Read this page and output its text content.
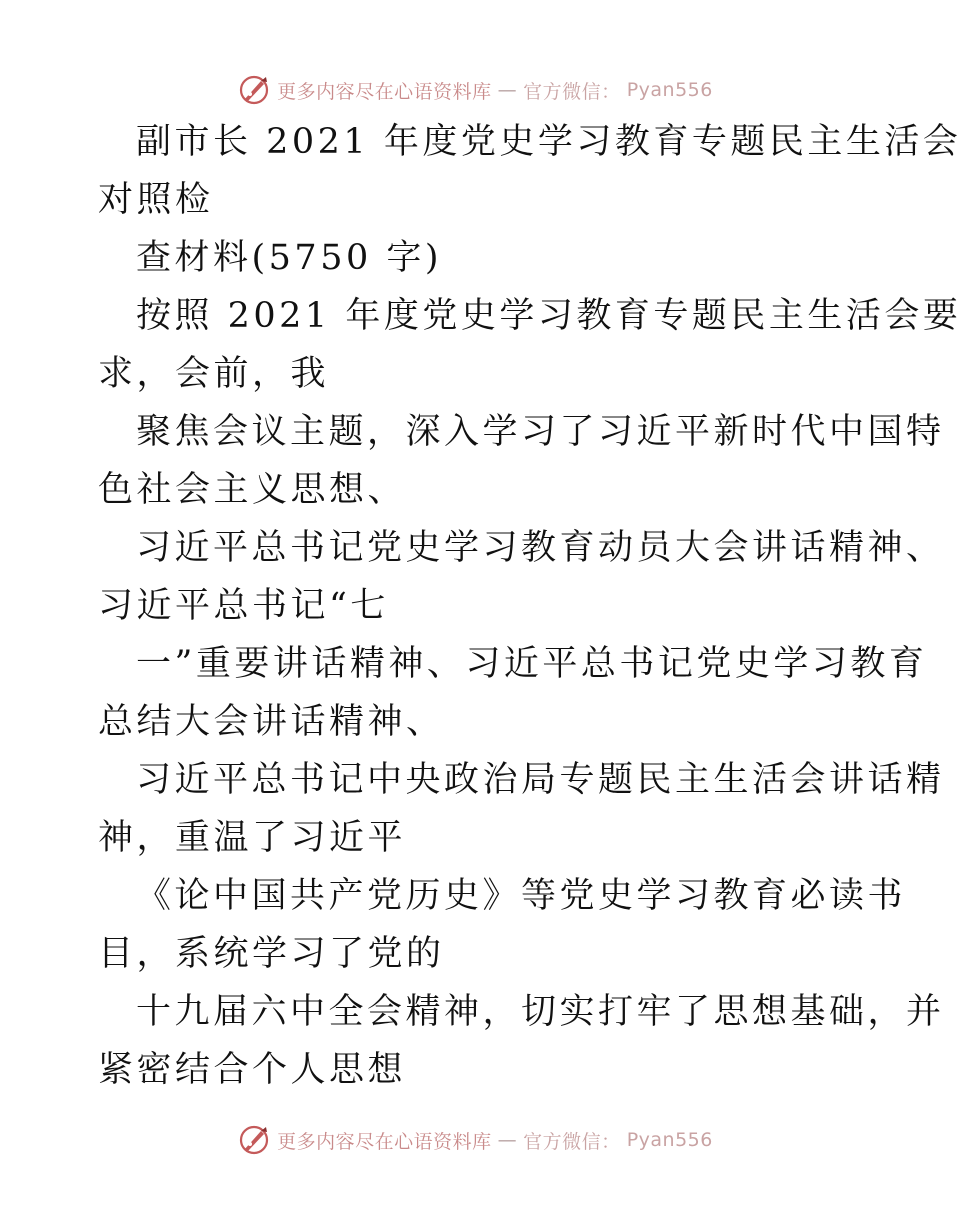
更多内容尽在心语资料库 — 官方微信： Pyan556
副市长 2021 年度党史学习教育专题民主生活会
对照检
查材料(5750 字)
按照 2021 年度党史学习教育专题民主生活会要
求，会前，我
聚焦会议主题，深入学习了习近平新时代中国特
色社会主义思想、
习近平总书记党史学习教育动员大会讲话精神、
习近平总书记“七
一”重要讲话精神、习近平总书记党史学习教育
总结大会讲话精神、
习近平总书记中央政治局专题民主生活会讲话精
神，重温了习近平
《论中国共产党历史》等党史学习教育必读书
目，系统学习了党的
十九届六中全会精神，切实打牢了思想基础，并
紧密结合个人思想
更多内容尽在心语资料库 — 官方微信： Pyan556
